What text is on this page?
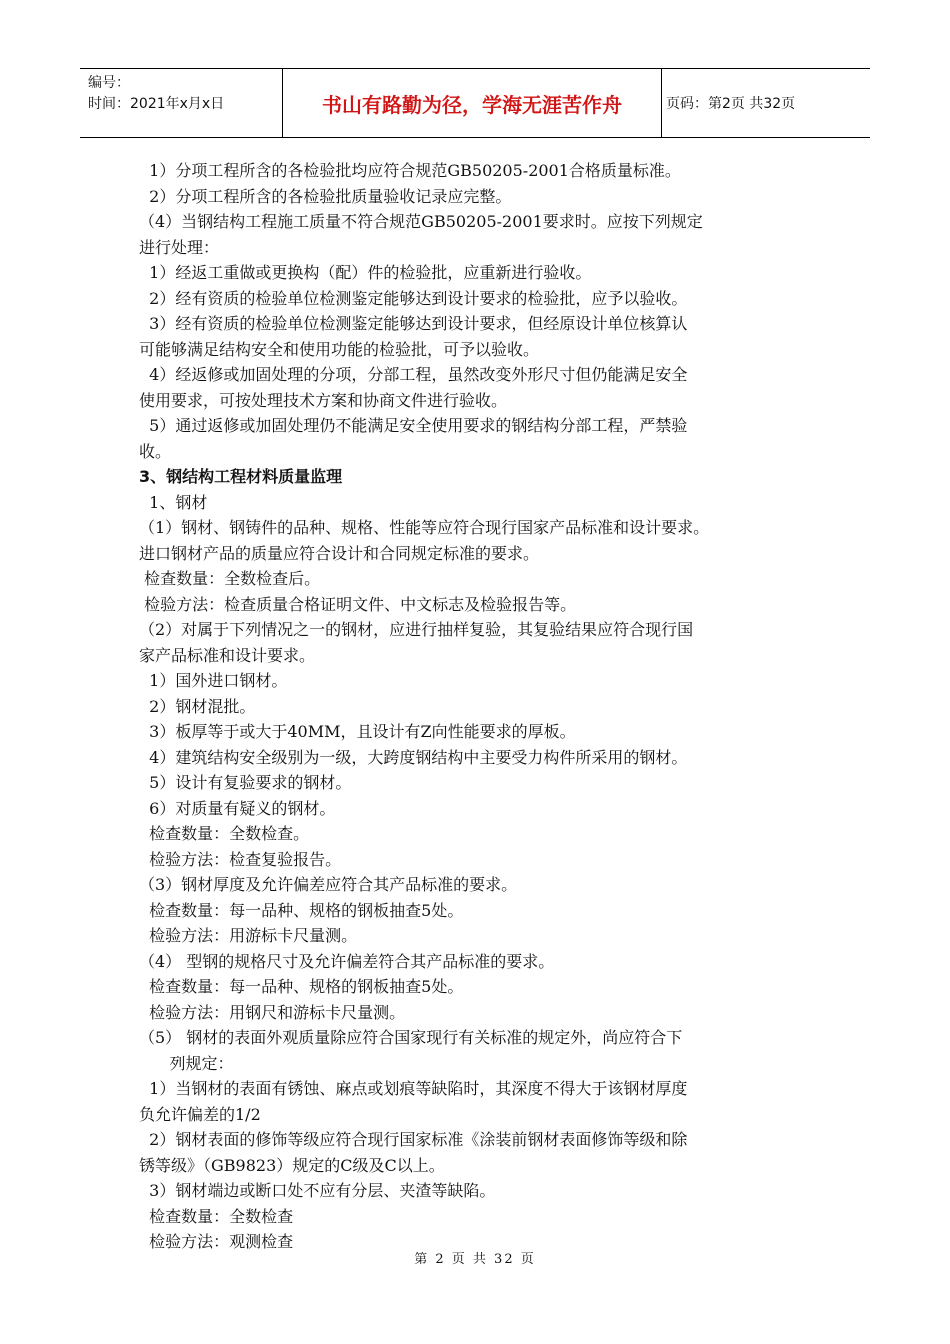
编号：
时间：2021年x月x日	书山有路勤为径，学海无涯苦作舟	页码：第2页 共32页
1）分项工程所含的各检验批均应符合规范GB50205-2001合格质量标准。
2）分项工程所含的各检验批质量验收记录应完整。
（4）当钢结构工程施工质量不符合规范GB50205-2001要求时。应按下列规定
进行处理：
1）经返工重做或更换构（配）件的检验批，应重新进行验收。
2）经有资质的检验单位检测鉴定能够达到设计要求的检验批，应予以验收。
3）经有资质的检验单位检测鉴定能够达到设计要求，但经原设计单位核算认
可能够满足结构安全和使用功能的检验批，可予以验收。
4）经返修或加固处理的分项，分部工程，虽然改变外形尺寸但仍能满足安全
使用要求，可按处理技术方案和协商文件进行验收。
5）通过返修或加固处理仍不能满足安全使用要求的钢结构分部工程，严禁验
收。
3、钢结构工程材料质量监理
1、钢材
（1）钢材、钢铸件的品种、规格、性能等应符合现行国家产品标准和设计要求。
进口钢材产品的质量应符合设计和合同规定标准的要求。
检查数量：全数检查后。
检验方法：检查质量合格证明文件、中文标志及检验报告等。
（2）对属于下列情况之一的钢材，应进行抽样复验，其复验结果应符合现行国
家产品标准和设计要求。
1）国外进口钢材。
2）钢材混批。
3）板厚等于或大于40MM，且设计有Z向性能要求的厚板。
4）建筑结构安全级别为一级，大跨度钢结构中主要受力构件所采用的钢材。
5）设计有复验要求的钢材。
6）对质量有疑义的钢材。
检查数量：全数检查。
检验方法：检查复验报告。
（3）钢材厚度及允许偏差应符合其产品标准的要求。
检查数量：每一品种、规格的钢板抽查5处。
检验方法：用游标卡尺量测。
（4） 型钢的规格尺寸及允许偏差符合其产品标准的要求。
检查数量：每一品种、规格的钢板抽查5处。
检验方法：用钢尺和游标卡尺量测。
（5） 钢材的表面外观质量除应符合国家现行有关标准的规定外，尚应符合下
列规定：
1）当钢材的表面有锈蚀、麻点或划痕等缺陷时，其深度不得大于该钢材厚度
负允许偏差的1/2
2）钢材表面的修饰等级应符合现行国家标准《涂装前钢材表面修饰等级和除
锈等级》（GB9823）规定的C级及C以上。
3）钢材端边或断口处不应有分层、夹渣等缺陷。
检查数量：全数检查
检验方法：观测检查
第 2 页 共 32 页
